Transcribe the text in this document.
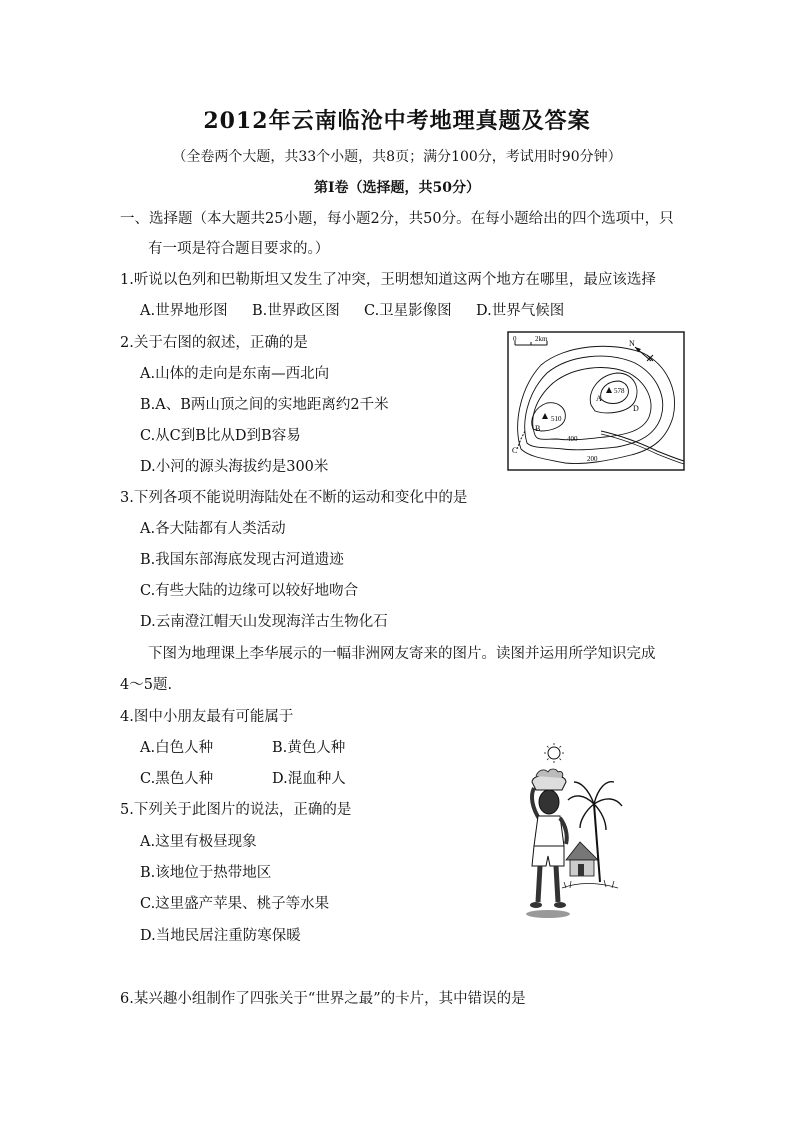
2012年云南临沧中考地理真题及答案
（全卷两个大题，共33个小题，共8页；满分100分，考试用时90分钟）
第Ⅰ卷（选择题，共50分）
一、选择题（本大题共25小题，每小题2分，共50分。在每小题给出的四个选项中，只
有一项是符合题目要求的。）
1.听说以色列和巴勒斯坦又发生了冲突，王明想知道这两个地方在哪里，最应该选择
A.世界地形图 B.世界政区图 C.卫星影像图 D.世界气候图
2.关于右图的叙述，正确的是
A.山体的走向是东南—西北向
B.A、B两山顶之间的实地距离约2千米
C.从C到B比从D到B容易
D.小河的源头海拔约是300米
0	2km	N
578
510
A
B
C
D
400
200
3.下列各项不能说明海陆处在不断的运动和变化中的是
A.各大陆都有人类活动
B.我国东部海底发现古河道遗迹
C.有些大陆的边缘可以较好地吻合
D.云南澄江帽天山发现海洋古生物化石
下图为地理课上李华展示的一幅非洲网友寄来的图片。读图并运用所学知识完成
4～5题.
4.图中小朋友最有可能属于
A.白色人种	B.黄色人种
C.黑色人种	D.混血种人
5.下列关于此图片的说法，正确的是
A.这里有极昼现象
B.该地位于热带地区
C.这里盛产苹果、桃子等水果
D.当地民居注重防寒保暖
6.某兴趣小组制作了四张关于“世界之最”的卡片，其中错误的是
